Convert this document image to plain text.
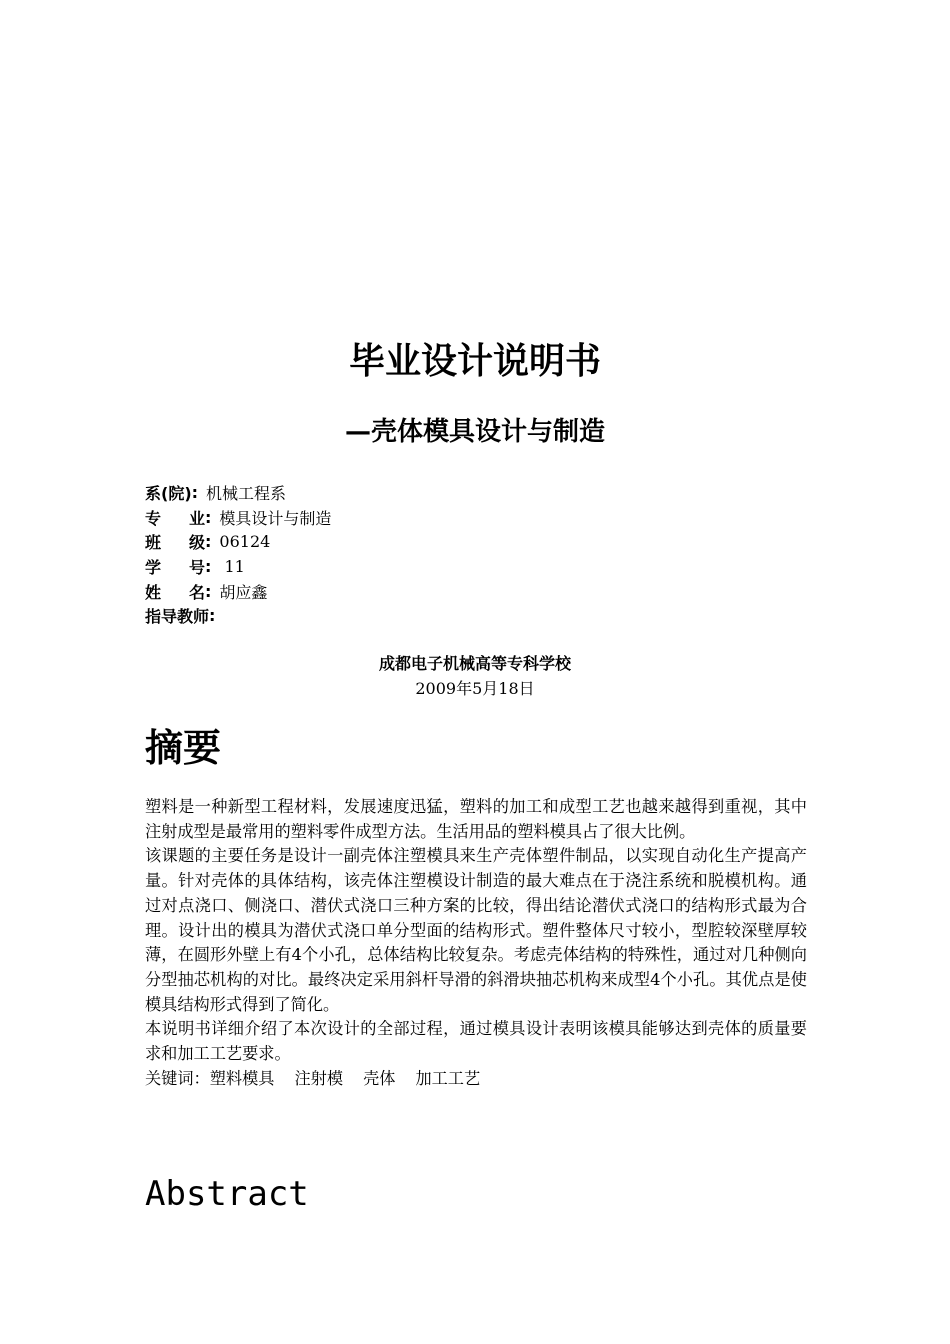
毕业设计说明书
—壳体模具设计与制造
系(院) : 机械工程系
专 业 : 模具设计与制造
班 级 : 06124
学 号 : 11
姓 名 : 胡应鑫
指导教师 :
成都电子机械高等专科学校
2009年5月18日
摘要

塑料是一种新型工程材料，发展速度迅猛，塑料的加工和成型工艺也越来越得到重视，其中注射成型是最常用的塑料零件成型方法。生活用品的塑料模具占了很大比例。

该课题的主要任务是设计一副壳体注塑模具来生产壳体塑件制品，以实现自动化生产提高产量。针对壳体的具体结构，该壳体注塑模设计制造的最大难点在于浇注系统和脱模机构。通过对点浇口、侧浇口、潜伏式浇口三种方案的比较，得出结论潜伏式浇口的结构形式最为合理。设计出的模具为潜伏式浇口单分型面的结构形式。塑件整体尺寸较小，型腔较深壁厚较薄，在圆形外壁上有4个小孔，总体结构比较复杂。考虑壳体结构的特殊性，通过对几种侧向分型抽芯机构的对比。最终决定采用斜杆导滑的斜滑块抽芯机构来成型4个小孔。其优点是使模具结构形式得到了简化。

本说明书详细介绍了本次设计的全部过程，通过模具设计表明该模具能够达到壳体的质量要求和加工工艺要求。

关键词：塑料模具 注射模 壳体 加工工艺

Abstract
